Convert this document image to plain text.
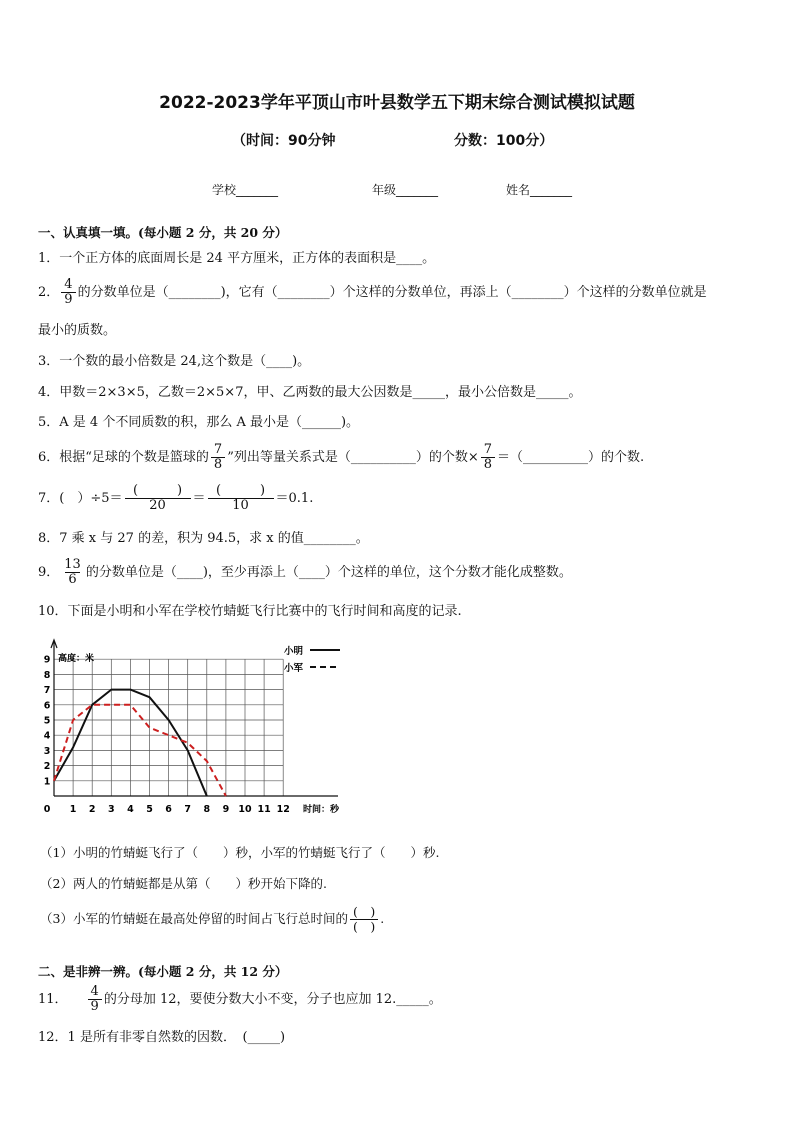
2022-2023学年平顶山市叶县数学五下期末综合测试模拟试题
（时间：90分钟	分数：100分）
学校_______	年级_______	姓名_______
一、认真填一填。(每小题 2 分，共 20 分）
1．一个正方体的底面周长是 24 平方厘米，正方体的表面积是____。
2． $\frac{4}{9}$ 的分数单位是（________)，它有（________）个这样的分数单位，再添上（________）个这样的分数单位就是
最小的质数。
3．一个数的最小倍数是 24,这个数是（____)。
4．甲数＝2×3×5，乙数＝2×5×7，甲、乙两数的最大公因数是_____，最小公倍数是_____。
5．A 是 4 个不同质数的积，那么 A 最小是（______)。
6．根据“足球的个数是篮球的 $\frac{7}{8}$ ”列出等量关系式是（__________）的个数× $\frac{7}{8}$ ＝（__________）的个数.
7．(　）$\div 5= \frac{( )}{20} = \frac{( )}{10} =0.1$.
8．7 乘 x 与 27 的差，积为 94.5，求 x 的值________。
9． $\frac{13}{6}$ 的分数单位是（____)，至少再添上（____）个这样的单位，这个分数才能化成整数。
10．下面是小明和小军在学校竹蜻蜓飞行比赛中的飞行时间和高度的记录.
0 1 2 3 4 5 6 7 8 9 10 11 12
1
2
3
4
5
6
7
8
9 高度：米
时间：秒
小明
小军
（1）小明的竹蜻蜓飞行了（　　）秒，小军的竹蜻蜓飞行了（　　）秒.
（2）两人的竹蜻蜓都是从第（　　）秒开始下降的.
（3）小军的竹蜻蜓在最高处停留的时间占飞行总时间的 $\frac{( )}{( )}$ .
二、是非辨一辨。(每小题 2 分，共 12 分）
11． $\frac{4}{9}$ 的分母加 12，要使分数大小不变，分子也应加 12._____。
12．1 是所有非零自然数的因数．　(_____)
